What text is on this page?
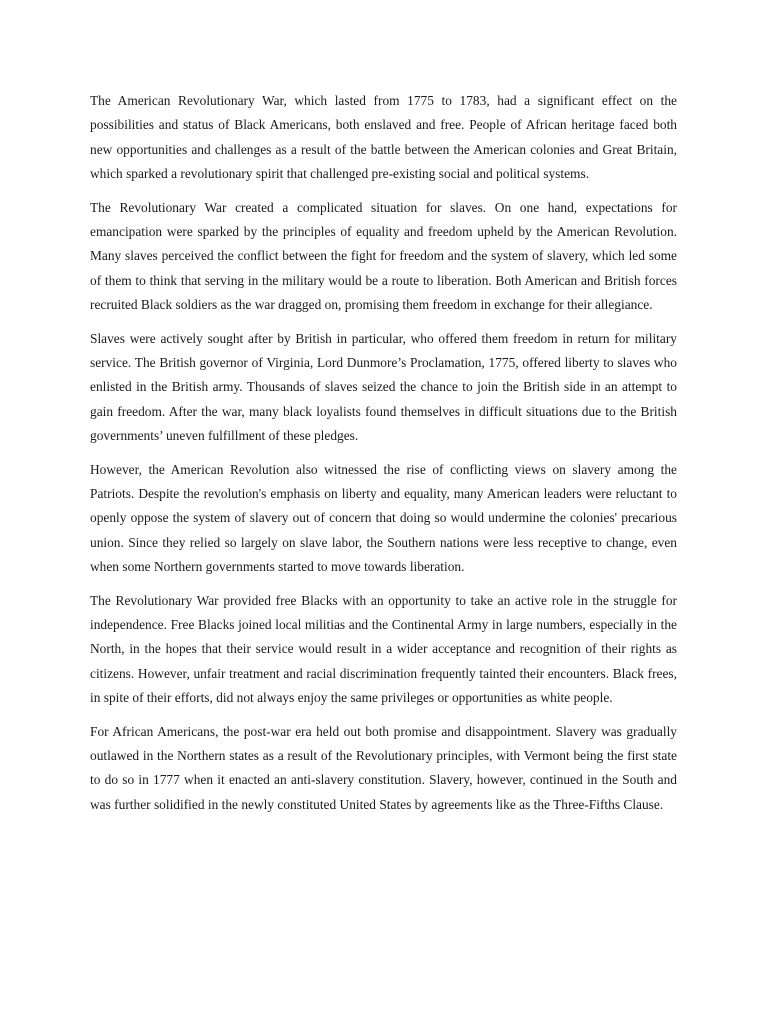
The American Revolutionary War, which lasted from 1775 to 1783, had a significant effect on the possibilities and status of Black Americans, both enslaved and free. People of African heritage faced both new opportunities and challenges as a result of the battle between the American colonies and Great Britain, which sparked a revolutionary spirit that challenged pre-existing social and political systems.

The Revolutionary War created a complicated situation for slaves. On one hand, expectations for emancipation were sparked by the principles of equality and freedom upheld by the American Revolution. Many slaves perceived the conflict between the fight for freedom and the system of slavery, which led some of them to think that serving in the military would be a route to liberation. Both American and British forces recruited Black soldiers as the war dragged on, promising them freedom in exchange for their allegiance.

Slaves were actively sought after by British in particular, who offered them freedom in return for military service. The British governor of Virginia, Lord Dunmore’s Proclamation, 1775, offered liberty to slaves who enlisted in the British army. Thousands of slaves seized the chance to join the British side in an attempt to gain freedom. After the war, many black loyalists found themselves in difficult situations due to the British governments’ uneven fulfillment of these pledges.

However, the American Revolution also witnessed the rise of conflicting views on slavery among the Patriots. Despite the revolution's emphasis on liberty and equality, many American leaders were reluctant to openly oppose the system of slavery out of concern that doing so would undermine the colonies' precarious union. Since they relied so largely on slave labor, the Southern nations were less receptive to change, even when some Northern governments started to move towards liberation.

The Revolutionary War provided free Blacks with an opportunity to take an active role in the struggle for independence. Free Blacks joined local militias and the Continental Army in large numbers, especially in the North, in the hopes that their service would result in a wider acceptance and recognition of their rights as citizens. However, unfair treatment and racial discrimination frequently tainted their encounters. Black frees, in spite of their efforts, did not always enjoy the same privileges or opportunities as white people.

For African Americans, the post-war era held out both promise and disappointment. Slavery was gradually outlawed in the Northern states as a result of the Revolutionary principles, with Vermont being the first state to do so in 1777 when it enacted an anti-slavery constitution. Slavery, however, continued in the South and was further solidified in the newly constituted United States by agreements like as the Three-Fifths Clause.
